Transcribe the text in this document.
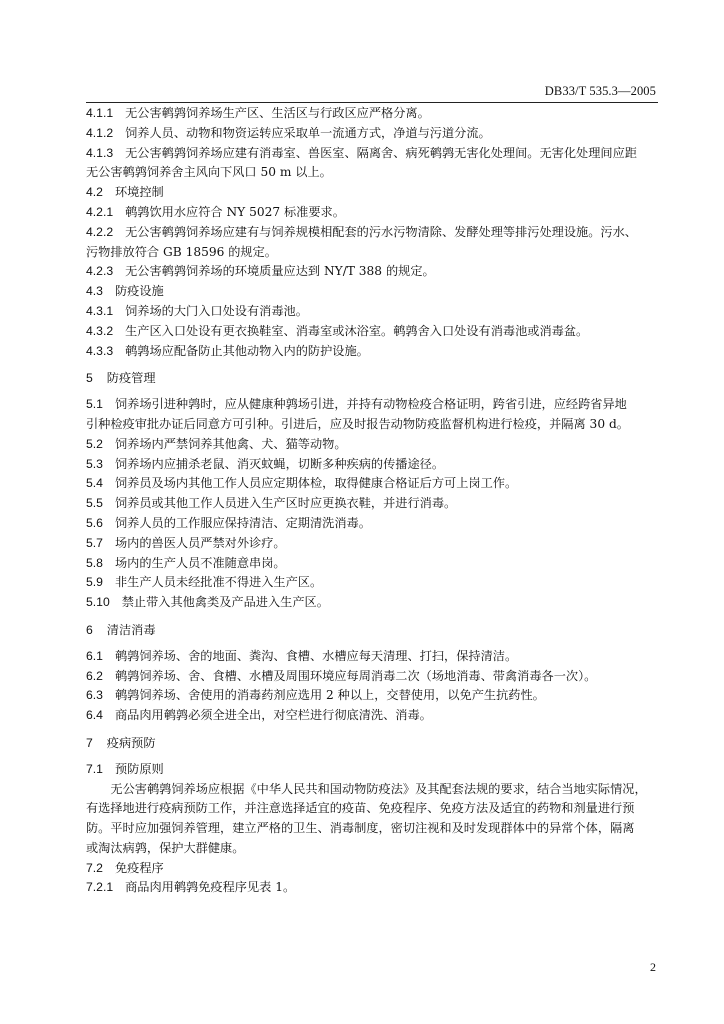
DB33/T 535.3—2005
4.1.1 无公害鹌鹑饲养场生产区、生活区与行政区应严格分离。
4.1.2 饲养人员、动物和物资运转应采取单一流通方式，净道与污道分流。
4.1.3 无公害鹌鹑饲养场应建有消毒室、兽医室、隔离舍、病死鹌鹑无害化处理间。无害化处理间应距
无公害鹌鹑饲养舍主风向下风口 50 m 以上。
4.2 环境控制
4.2.1 鹌鹑饮用水应符合 NY 5027 标准要求。
4.2.2 无公害鹌鹑饲养场应建有与饲养规模相配套的污水污物清除、发酵处理等排污处理设施。污水、
污物排放符合 GB 18596 的规定。
4.2.3 无公害鹌鹑饲养场的环境质量应达到 NY/T 388 的规定。
4.3 防疫设施
4.3.1 饲养场的大门入口处设有消毒池。
4.3.2 生产区入口处设有更衣换鞋室、消毒室或沐浴室。鹌鹑舍入口处设有消毒池或消毒盆。
4.3.3 鹌鹑场应配备防止其他动物入内的防护设施。
5 防疫管理
5.1 饲养场引进种鹑时，应从健康种鹑场引进，并持有动物检疫合格证明，跨省引进，应经跨省异地
引种检疫审批办证后同意方可引种。引进后，应及时报告动物防疫监督机构进行检疫，并隔离 30 d。
5.2 饲养场内严禁饲养其他禽、犬、猫等动物。
5.3 饲养场内应捕杀老鼠、消灭蚊蝇，切断多种疾病的传播途径。
5.4 饲养员及场内其他工作人员应定期体检，取得健康合格证后方可上岗工作。
5.5 饲养员或其他工作人员进入生产区时应更换衣鞋，并进行消毒。
5.6 饲养人员的工作服应保持清洁、定期清洗消毒。
5.7 场内的兽医人员严禁对外诊疗。
5.8 场内的生产人员不准随意串岗。
5.9 非生产人员未经批准不得进入生产区。
5.10 禁止带入其他禽类及产品进入生产区。
6 清洁消毒
6.1 鹌鹑饲养场、舍的地面、粪沟、食槽、水槽应每天清理、打扫，保持清洁。
6.2 鹌鹑饲养场、舍、食槽、水槽及周围环境应每周消毒二次（场地消毒、带禽消毒各一次）。
6.3 鹌鹑饲养场、舍使用的消毒药剂应选用 2 种以上，交替使用，以免产生抗药性。
6.4 商品肉用鹌鹑必须全进全出，对空栏进行彻底清洗、消毒。
7 疫病预防
7.1 预防原则
无公害鹌鹑饲养场应根据《中华人民共和国动物防疫法》及其配套法规的要求，结合当地实际情况，
有选择地进行疫病预防工作，并注意选择适宜的疫苗、免疫程序、免疫方法及适宜的药物和剂量进行预
防。平时应加强饲养管理，建立严格的卫生、消毒制度，密切注视和及时发现群体中的异常个体，隔离
或淘汰病鹑，保护大群健康。
7.2 免疫程序
7.2.1 商品肉用鹌鹑免疫程序见表 1。
2
